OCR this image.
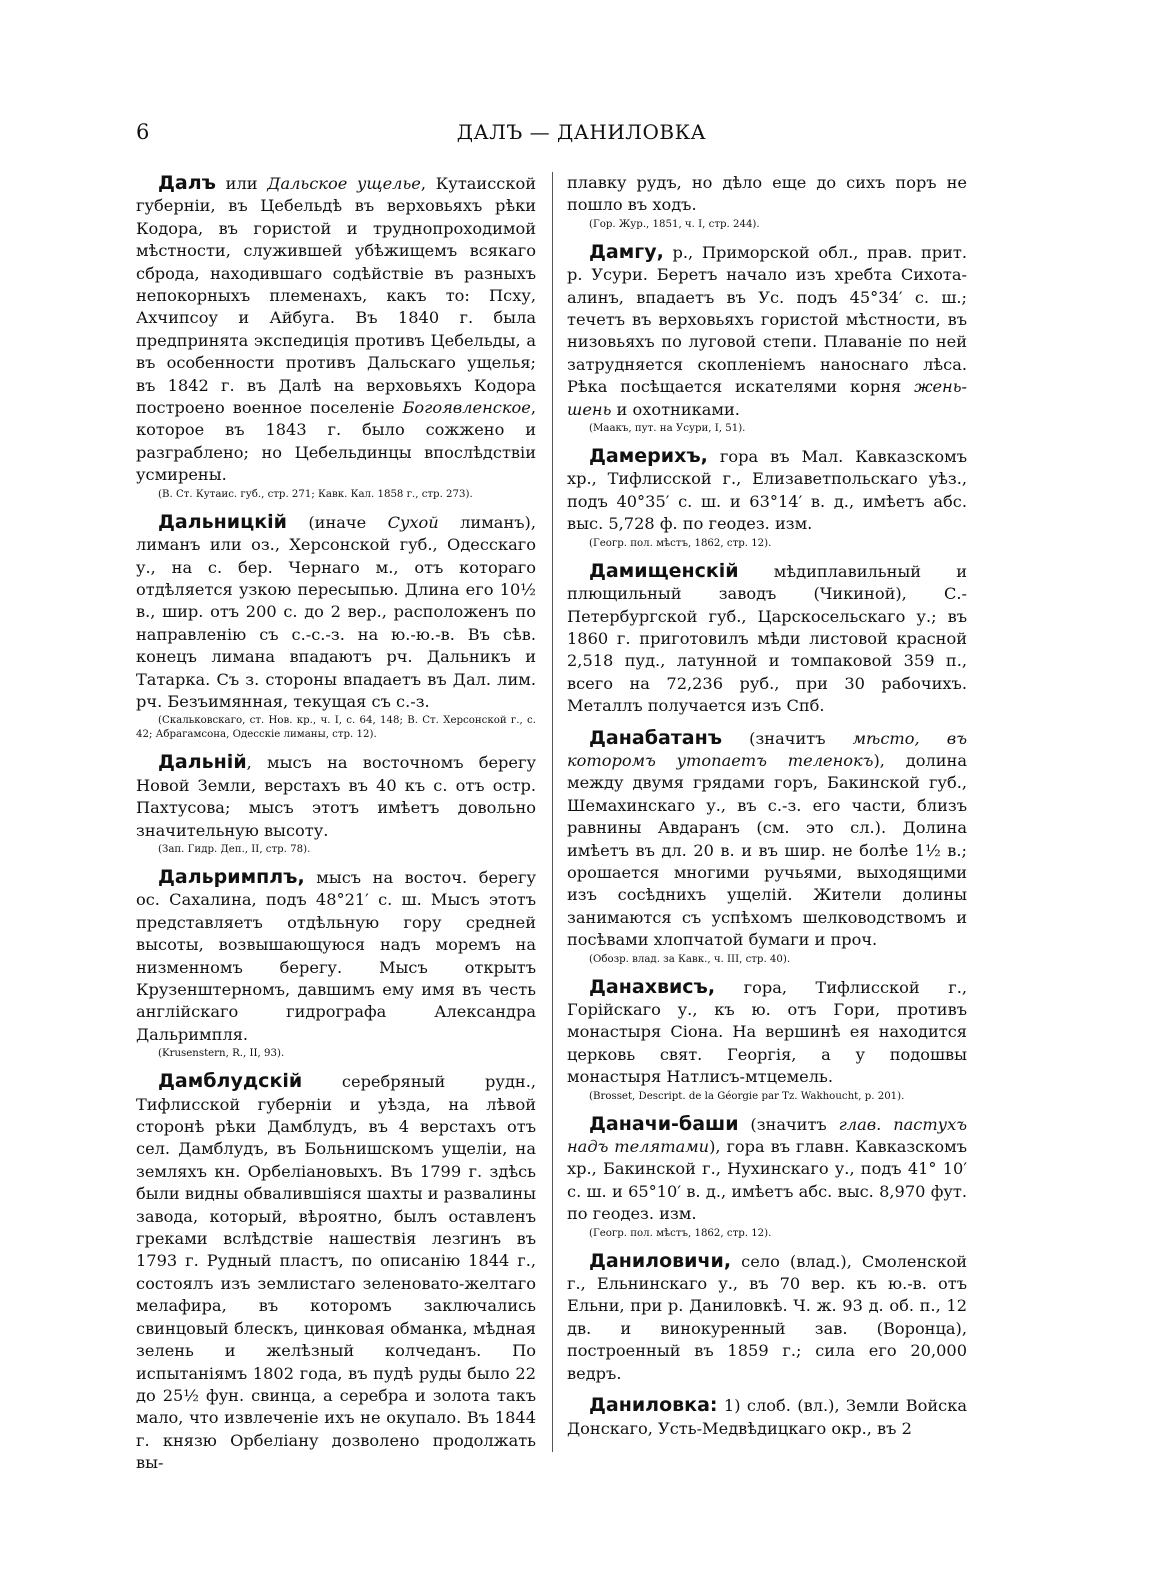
6	ДАЛЪ — ДАНИЛОВКА

Далъ или Дальское ущелье, Кутаисской губерніи, въ Цебельдѣ въ верховьяхъ рѣки Кодора, въ гористой и труднопроходимой мѣстности, служившей убѣжищемъ всякаго сброда, находившаго содѣйствіе въ разныхъ непокорныхъ племенахъ, какъ то: Псху, Ахчипсоу и Айбуга. Въ 1840 г. была предпринята экспедиція противъ Цебельды, а въ особенности противъ Дальскаго ущелья; въ 1842 г. въ Далѣ на верховьяхъ Кодора построено военное поселеніе Богоявленское, которое въ 1843 г. было сожжено и разграблено; но Цебельдинцы впослѣдствіи усмирены.

(В. Ст. Кутаис. губ., стр. 271; Кавк. Кал. 1858 г., стр. 273).

Дальницкій (иначе Сухой лиманъ), лиманъ или оз., Херсонской губ., Одесскаго у., на с. бер. Чернаго м., отъ котораго отдѣляется узкою пересыпью. Длина его 10½ в., шир. отъ 200 с. до 2 вер., расположенъ по направленію съ с.-с.-з. на ю.-ю.-в. Въ сѣв. конецъ лимана впадаютъ рч. Дальникъ и Татарка. Съ з. стороны впадаетъ въ Дал. лим. рч. Безъимянная, текущая съ с.-з.

(Скальковскаго, ст. Нов. кр., ч. I, с. 64, 148; В. Ст. Херсонской г., с. 42; Абрагамсона, Одесскіе лиманы, стр. 12).

Дальній, мысъ на восточномъ берегу Новой Земли, верстахъ въ 40 къ с. отъ остр. Пахтусова; мысъ этотъ имѣетъ довольно значительную высоту.

(Зап. Гидр. Деп., II, стр. 78).

Дальримплъ, мысъ на восточ. берегу ос. Сахалина, подъ 48°21′ с. ш. Мысъ этотъ представляетъ отдѣльную гору средней высоты, возвышающуюся надъ моремъ на низменномъ берегу. Мысъ открытъ Крузенштерномъ, давшимъ ему имя въ честь англійскаго гидрографа Александра Дальримпля.

(Krusenstern, R., II, 93).

Дамблудскій серебряный рудн., Тифлисской губерніи и уѣзда, на лѣвой сторонѣ рѣки Дамблудъ, въ 4 верстахъ отъ сел. Дамблудъ, въ Больнишскомъ ущеліи, на земляхъ кн. Орбеліановыхъ. Въ 1799 г. здѣсь были видны обвалившіяся шахты и развалины завода, который, вѣроятно, былъ оставленъ греками вслѣдствіе нашествія лезгинъ въ 1793 г. Рудный пластъ, по описанію 1844 г., состоялъ изъ землистаго зеленовато-желтаго мелафира, въ которомъ заключались свинцовый блескъ, цинковая обманка, мѣдная зелень и желѣзный колчеданъ. По испытаніямъ 1802 года, въ пудѣ руды было 22 до 25½ фун. свинца, а серебра и золота такъ мало, что извлеченіе ихъ не окупало. Въ 1844 г. князю Орбеліану дозволено продолжать вы-

плавку рудъ, но дѣло еще до сихъ поръ не пошло въ ходъ.

(Гор. Жур., 1851, ч. I, стр. 244).

Дамгу, р., Приморской обл., прав. прит. р. Усури. Беретъ начало изъ хребта Сихота-алинъ, впадаетъ въ Ус. подъ 45°34′ с. ш.; течетъ въ верховьяхъ гористой мѣстности, въ низовьяхъ по луговой степи. Плаваніе по ней затрудняется скопленіемъ наноснаго лѣса. Рѣка посѣщается искателями корня жень-шень и охотниками.

(Маакъ, пут. на Усури, I, 51).

Дамерихъ, гора въ Мал. Кавказскомъ хр., Тифлисской г., Елизаветпольскаго уѣз., подъ 40°35′ с. ш. и 63°14′ в. д., имѣетъ абс. выс. 5,728 ф. по геодез. изм.

(Геогр. пол. мѣстъ, 1862, стр. 12).

Дамищенскій мѣдиплавильный и плющильный заводъ (Чикиной), С.-Петербургской губ., Царскосельскаго у.; въ 1860 г. приготовилъ мѣди листовой красной 2,518 пуд., латунной и томпаковой 359 п., всего на 72,236 руб., при 30 рабочихъ. Металлъ получается изъ Спб.

Данабатанъ (значитъ мѣсто, въ которомъ утопаетъ теленокъ), долина между двумя грядами горъ, Бакинской губ., Шемахинскаго у., въ с.-з. его части, близъ равнины Авдаранъ (см. это сл.). Долина имѣетъ въ дл. 20 в. и въ шир. не болѣе 1½ в.; орошается многими ручьями, выходящими изъ сосѣднихъ ущелій. Жители долины занимаются съ успѣхомъ шелководствомъ и посѣвами хлопчатой бумаги и проч.

(Обозр. влад. за Кавк., ч. III, стр. 40).

Данахвисъ, гора, Тифлисской г., Горійскаго у., къ ю. отъ Гори, противъ монастыря Сіона. На вершинѣ ея находится церковь свят. Георгія, а у подошвы монастыря Натлисъ-мтцемель.

(Brosset, Descript. de la Géorgie par Tz. Wakhoucht, p. 201).

Даначи-баши (значитъ глав. пастухъ надъ телятами), гора въ главн. Кавказскомъ хр., Бакинской г., Нухинскаго у., подъ 41° 10′ с. ш. и 65°10′ в. д., имѣетъ абс. выс. 8,970 фут. по геодез. изм.

(Геогр. пол. мѣстъ, 1862, стр. 12).

Даниловичи, село (влад.), Смоленской г., Ельнинскаго у., въ 70 вер. къ ю.-в. отъ Ельни, при р. Даниловкѣ. Ч. ж. 93 д. об. п., 12 дв. и винокуренный зав. (Воронца), построенный въ 1859 г.; сила его 20,000 ведръ.

Даниловка: 1) слоб. (вл.), Земли Войска Донскаго, Усть-Медвѣдицкаго окр., въ 2
